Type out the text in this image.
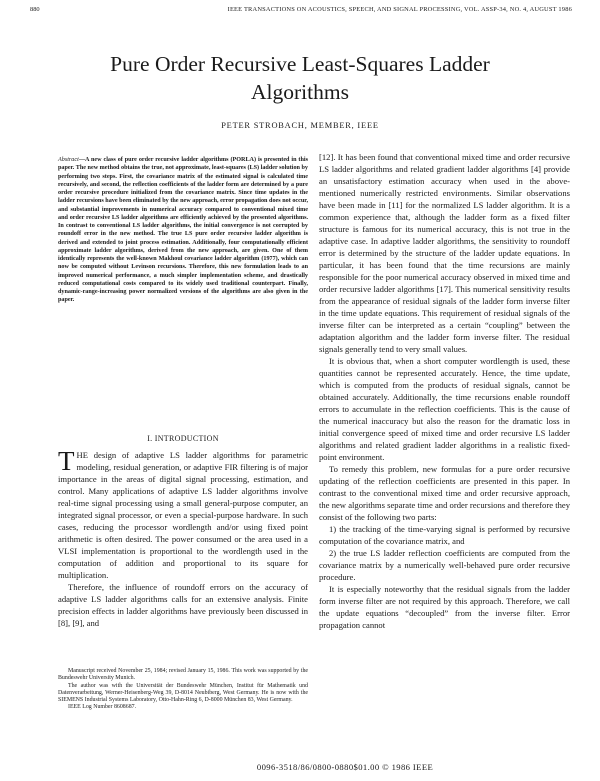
880	IEEE TRANSACTIONS ON ACOUSTICS, SPEECH, AND SIGNAL PROCESSING, VOL. ASSP-34, NO. 4, AUGUST 1986
Pure Order Recursive Least-Squares Ladder Algorithms
PETER STROBACH, MEMBER, IEEE
Abstract—A new class of pure order recursive ladder algorithms (PORLA) is presented in this paper. The new method obtains the true, not approximate, least-squares (LS) ladder solution by performing two steps. First, the covariance matrix of the estimated signal is calculated time recursively, and second, the reflection coefficients of the ladder form are determined by a pure order recursive procedure initialized from the covariance matrix. Since time updates in the ladder recursions have been eliminated by the new approach, error propagation does not occur, and substantial improvements in numerical accuracy compared to conventional mixed time and order recursive LS ladder algorithms are efficiently achieved by the presented algorithms. In contrast to conventional LS ladder algorithms, the initial convergence is not corrupted by roundoff error in the new method. The true LS pure order recursive ladder algorithm is derived and extended to joint process estimation. Additionally, four computationally efficient approximate ladder algorithms, derived from the new approach, are given. One of them identically represents the well-known Makhoul covariance ladder algorithm (1977), which can now be computed without Levinson recursions. Therefore, this new formulation leads to an improved numerical performance, a much simpler implementation scheme, and drastically reduced computational costs compared to its widely used traditional counterpart. Finally, dynamic-range-increasing power normalized versions of the algorithms are also given in the paper.
I. INTRODUCTION

THE design of adaptive LS ladder algorithms for parametric modeling, residual generation, or adaptive FIR filtering is of major importance in the areas of digital signal processing, estimation, and control. Many applications of adaptive LS ladder algorithms involve real-time signal processing using a small general-purpose computer, an integrated signal processor, or even a special-purpose hardware. In such cases, reducing the processor wordlength and/or using fixed point arithmetic is often desired. The power consumed or the area used in a VLSI implementation is proportional to the wordlength used in the computation of addition and proportional to its square for multiplication.

Therefore, the influence of roundoff errors on the accuracy of adaptive LS ladder algorithms calls for an extensive analysis. Finite precision effects in ladder algorithms have previously been discussed in [8], [9], and

Manuscript received November 25, 1984; revised January 15, 1986. This work was supported by the Bundeswehr University Munich.

The author was with the Universität der Bundeswehr München, Institut für Mathematik und Datenverarbeitung, Werner-Heisenberg-Weg 39, D-8014 Neubiberg, West Germany. He is now with the SIEMENS Industrial Systems Laboratory, Otto-Hahn-Ring 6, D-8000 München 83, West Germany.

IEEE Log Number 8608687.

[12]. It has been found that conventional mixed time and order recursive LS ladder algorithms and related gradient ladder algorithms [4] provide an unsatisfactory estimation accuracy when used in the above-mentioned numerically restricted environments. Similar observations have been made in [11] for the normalized LS ladder algorithm. It is a common experience that, although the ladder form as a fixed filter structure is famous for its numerical accuracy, this is not true in the adaptive case. In adaptive ladder algorithms, the sensitivity to roundoff error is determined by the structure of the ladder update equations. In particular, it has been found that the time recursions are mainly responsible for the poor numerical accuracy observed in mixed time and order recursive ladder algorithms [17]. This numerical sensitivity results from the appearance of residual signals of the ladder form inverse filter in the time update equations. This requirement of residual signals of the inverse filter can be interpreted as a certain “coupling” between the adaptation algorithm and the ladder form inverse filter. The residual signals generally tend to very small values.

It is obvious that, when a short computer wordlength is used, these quantities cannot be represented accurately. Hence, the time update, which is computed from the products of residual signals, cannot be obtained accurately. Additionally, the time recursions enable roundoff errors to accumulate in the reflection coefficients. This is the cause of the numerical inaccuracy but also the reason for the dramatic loss in initial convergence speed of mixed time and order recursive LS ladder algorithms and related gradient ladder algorithms in a realistic fixed-point environment.

To remedy this problem, new formulas for a pure order recursive updating of the reflection coefficients are presented in this paper. In contrast to the conventional mixed time and order recursive approach, the new algorithms separate time and order recursions and therefore they consist of the following two parts:

1) the tracking of the time-varying signal is performed by recursive computation of the covariance matrix, and

2) the true LS ladder reflection coefficients are computed from the covariance matrix by a numerically well-behaved pure order recursive procedure.

It is especially noteworthy that the residual signals from the ladder form inverse filter are not required by this approach. Therefore, we call the update equations “decoupled” from the inverse filter. Error propagation cannot

0096-3518/86/0800-0880$01.00 © 1986 IEEE
